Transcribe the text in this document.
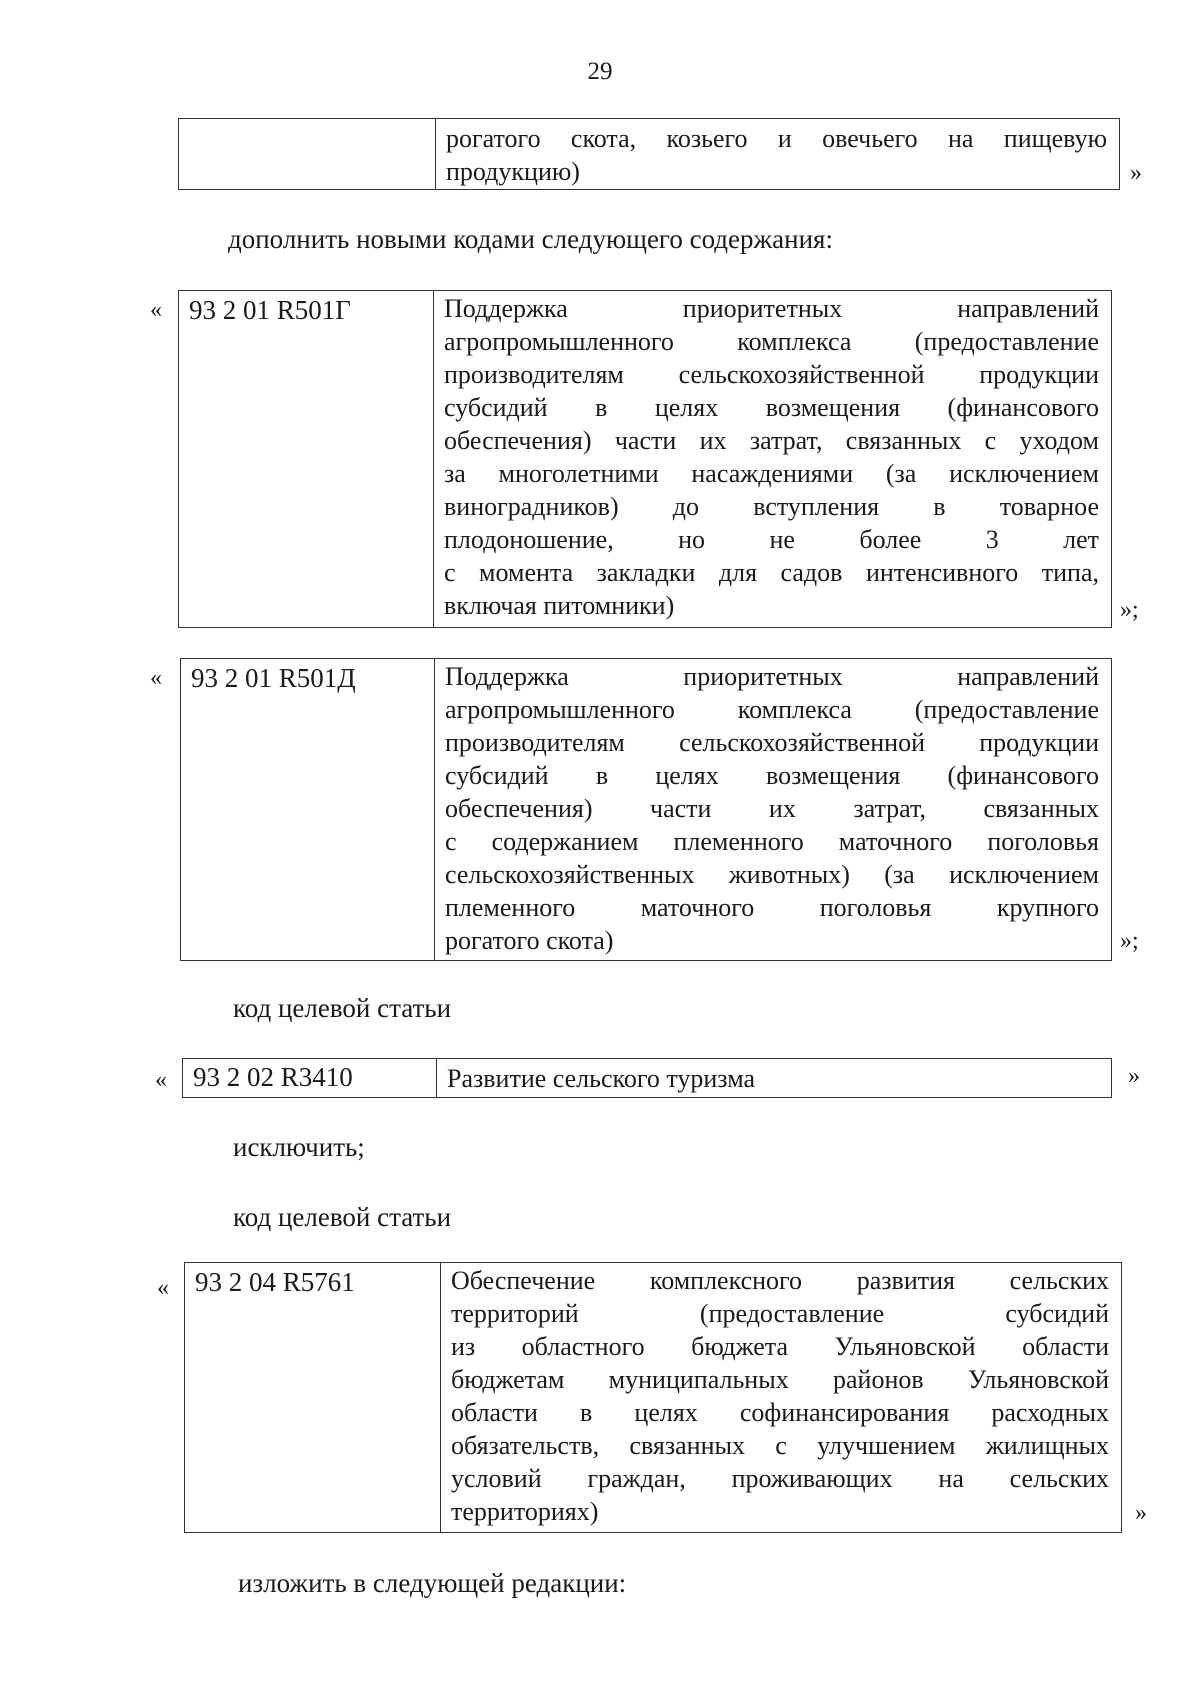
29
рогатого скота, козьего и овечьего на пищевую
продукцию)	»
дополнить новыми кодами следующего содержания:
«	93 2 01 R501Г	Поддержка приоритетных направлений
агропромышленного комплекса (предоставление
производителям сельскохозяйственной продукции
субсидий в целях возмещения (финансового
обеспечения) части их затрат, связанных с уходом
за многолетними насаждениями (за исключением
виноградников) до вступления в товарное
плодоношение, но не более 3 лет
с момента закладки для садов интенсивного типа,
включая питомники)	»;
«	93 2 01 R501Д	Поддержка приоритетных направлений
агропромышленного комплекса (предоставление
производителям сельскохозяйственной продукции
субсидий в целях возмещения (финансового
обеспечения) части их затрат, связанных
с содержанием племенного маточного поголовья
сельскохозяйственных животных) (за исключением
племенного маточного поголовья крупного
рогатого скота)	»;
код целевой статьи
« 93 2 02 R3410	Развитие сельского туризма	»
исключить;
код целевой статьи
« 93 2 04 R5761	Обеспечение комплексного развития сельских
территорий (предоставление субсидий
из областного бюджета Ульяновской области
бюджетам муниципальных районов Ульяновской
области в целях софинансирования расходных
обязательств, связанных с улучшением жилищных
условий граждан, проживающих на сельских
территориях)	»
изложить в следующей редакции:
